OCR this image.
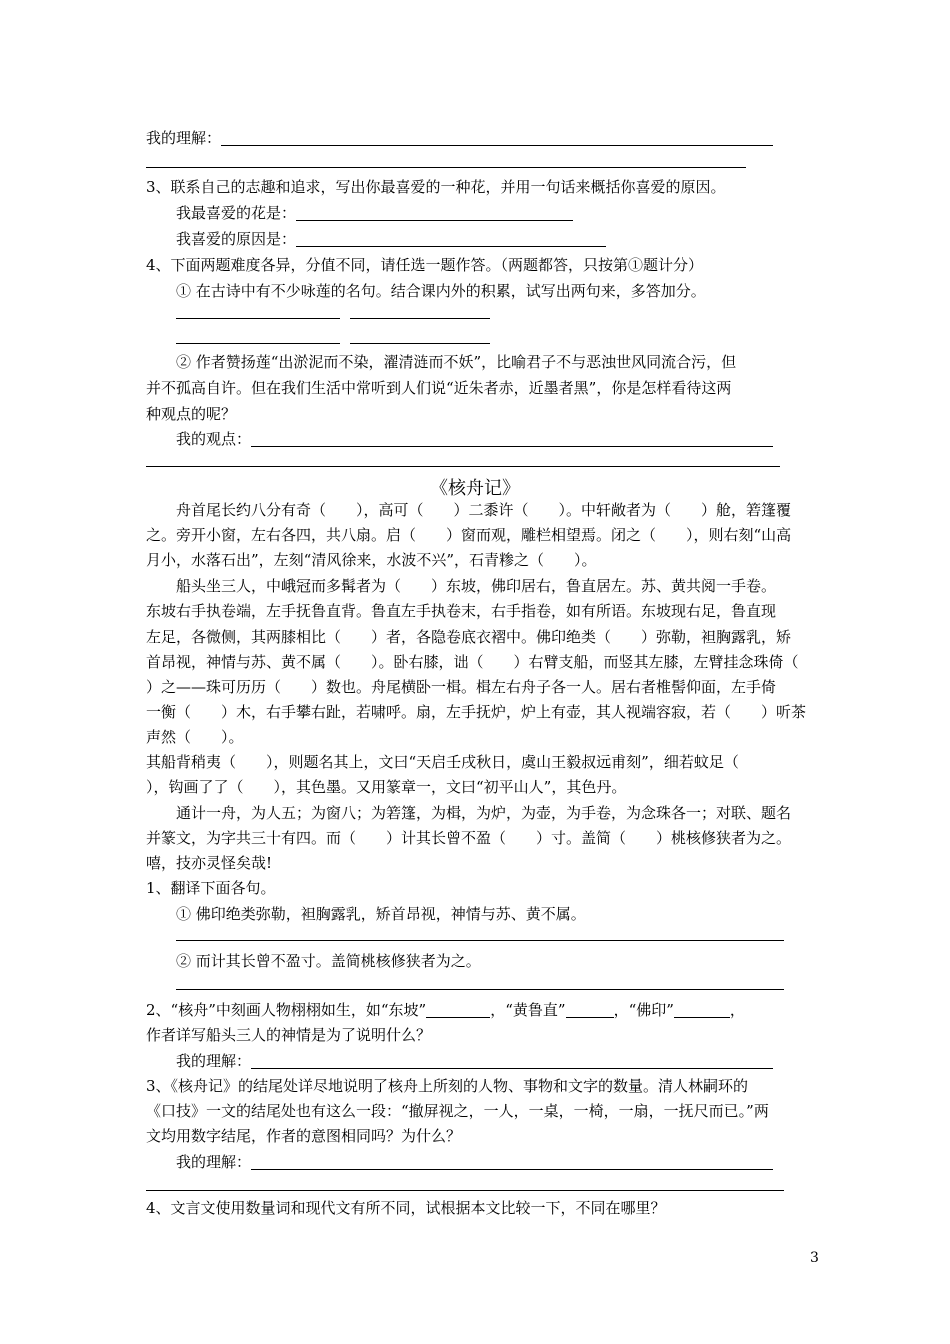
我的理解：
3、联系自己的志趣和追求，写出你最喜爱的一种花，并用一句话来概括你喜爱的原因。
我最喜爱的花是：
我喜爱的原因是：
4、下面两题难度各异，分值不同，请任选一题作答。（两题都答，只按第①题计分）
① 在古诗中有不少咏莲的名句。结合课内外的积累，试写出两句来，多答加分。
② 作者赞扬莲“出淤泥而不染，濯清涟而不妖”，比喻君子不与恶浊世风同流合污，但
并不孤高自许。但在我们生活中常听到人们说“近朱者赤，近墨者黑”，你是怎样看待这两
种观点的呢？
我的观点：
《核舟记》
舟首尾长约八分有奇（　　），高可（　　）二黍许（　　）。中轩敞者为（　　）舱，箬篷覆
之。旁开小窗，左右各四，共八扇。启（　　）窗而观，雕栏相望焉。闭之（　　），则右刻“山高
月小，水落石出”，左刻“清风徐来，水波不兴”，石青糁之（　　）。
船头坐三人，中峨冠而多髯者为（　　）东坡，佛印居右，鲁直居左。苏、黄共阅一手卷。
东坡右手执卷端，左手抚鲁直背。鲁直左手执卷末，右手指卷，如有所语。东坡现右足，鲁直现
左足，各微侧，其两膝相比（　　）者，各隐卷底衣褶中。佛印绝类（　　）弥勒，袒胸露乳，矫
首昂视，神情与苏、黄不属（　　）。卧右膝，诎（　　）右臂支船，而竖其左膝，左臂挂念珠倚（
）之——珠可历历（　　）数也。舟尾横卧一楫。楫左右舟子各一人。居右者椎髻仰面，左手倚
一衡（　　）木，右手攀右趾，若啸呼。扇，左手抚炉，炉上有壶，其人视端容寂，若（　　）听茶
声然（　　）。
其船背稍夷（　　），则题名其上，文曰“天启壬戌秋日，虞山王毅叔远甫刻”，细若蚊足（
），钩画了了（　　），其色墨。又用篆章一，文曰“初平山人”，其色丹。
通计一舟，为人五；为窗八；为箬篷，为楫，为炉，为壶，为手卷，为念珠各一；对联、题名
并篆文，为字共三十有四。而（　　）计其长曾不盈（　　）寸。盖简（　　）桃核修狭者为之。
嘻，技亦灵怪矣哉!
1、翻译下面各句。
① 佛印绝类弥勒，袒胸露乳，矫首昂视，神情与苏、黄不属。
② 而计其长曾不盈寸。盖简桃核修狭者为之。
2、“核舟”中刻画人物栩栩如生，如“东坡”	，“黄鲁直”	，“佛印”	，
作者详写船头三人的神情是为了说明什么？
我的理解：
3、《核舟记》的结尾处详尽地说明了核舟上所刻的人物、事物和文字的数量。清人林嗣环的
《口技》一文的结尾处也有这么一段：“撤屏视之，一人，一桌，一椅，一扇，一抚尺而已。”两
文均用数字结尾，作者的意图相同吗？为什么？
我的理解：
4、文言文使用数量词和现代文有所不同，试根据本文比较一下，不同在哪里？
3
